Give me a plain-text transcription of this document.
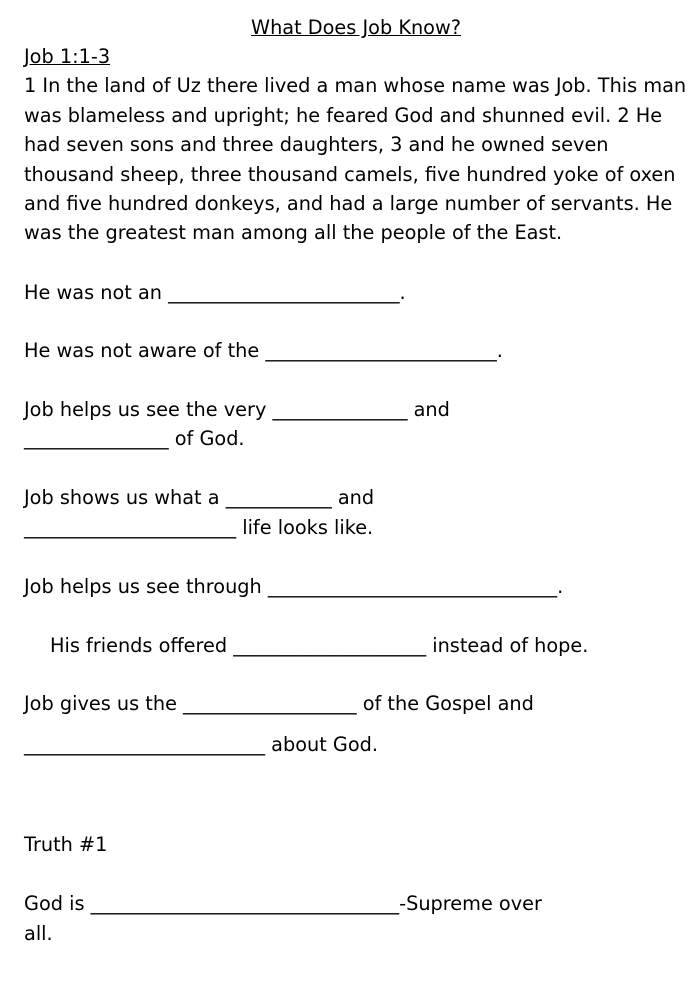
What Does Job Know?
Job 1:1-3

1 In the land of Uz there lived a man whose name was Job. This man was blameless and upright; he feared God and shunned evil. 2 He had seven sons and three daughters, 3 and he owned seven thousand sheep, three thousand camels, five hundred yoke of oxen and five hundred donkeys, and had a large number of servants. He was the greatest man among all the people of the East.

He was not an ________________________.

He was not aware of the ________________________.

Job helps us see the very ______________ and

_______________ of God.

Job shows us what a ___________ and

______________________ life looks like.

Job helps us see through ______________________________.

His friends offered ____________________ instead of hope.

Job gives us the __________________ of the Gospel and

_________________________ about God.

Truth #1

God is ________________________________-Supreme over

all.
